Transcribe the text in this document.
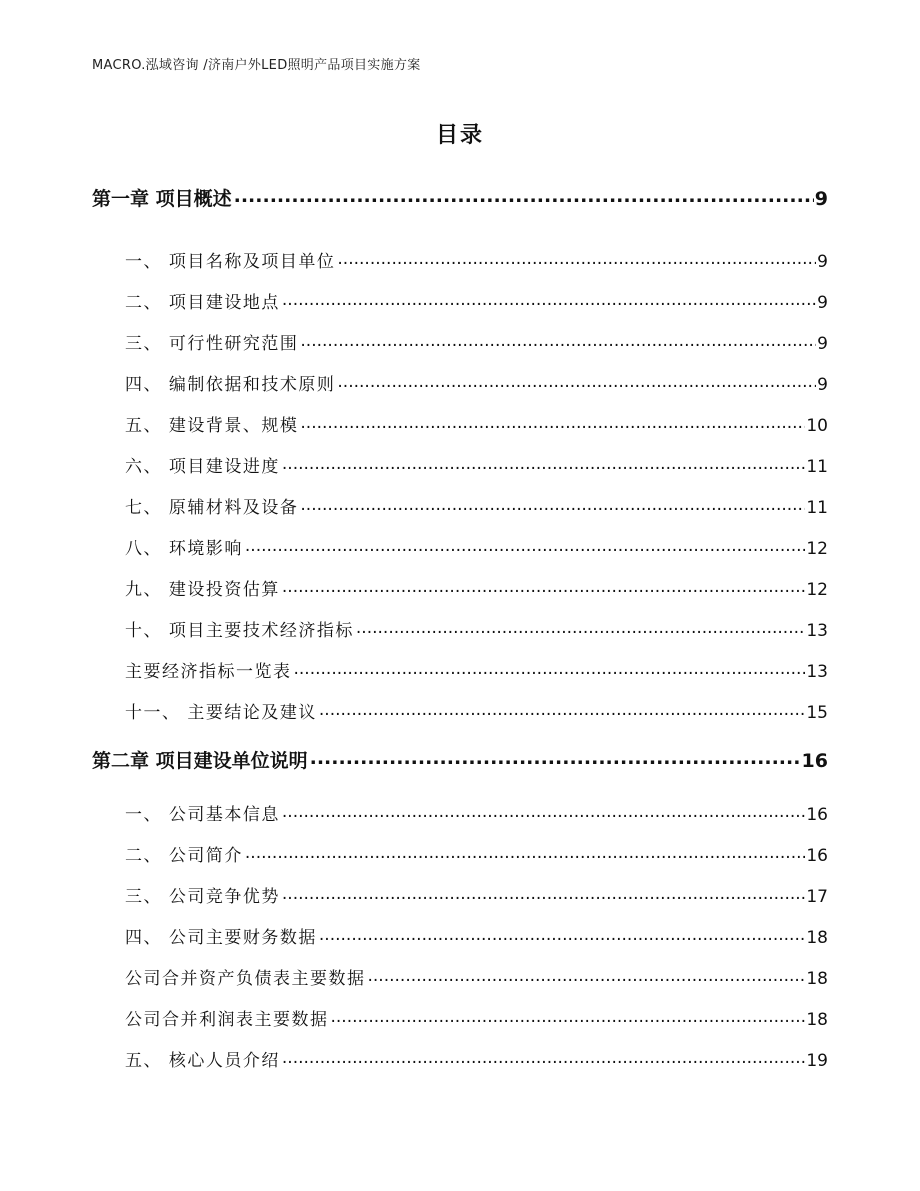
MACRO.泓域咨询 /济南户外LED照明产品项目实施方案
目录
第一章 项目概述 .....	9
一、 项目名称及项目单位 .....	9
二、 项目建设地点 .....	9
三、 可行性研究范围 .....	9
四、 编制依据和技术原则 .....	9
五、 建设背景、规模 .....	10
六、 项目建设进度 .....	11
七、 原辅材料及设备 .....	11
八、 环境影响 .....	12
九、 建设投资估算 .....	12
十、 项目主要技术经济指标 .....	13
主要经济指标一览表 .....	13
十一、 主要结论及建议 .....	15
第二章 项目建设单位说明 .....	16
一、 公司基本信息 .....	16
二、 公司简介 .....	16
三、 公司竞争优势 .....	17
四、 公司主要财务数据 .....	18
公司合并资产负债表主要数据 .....	18
公司合并利润表主要数据 .....	18
五、 核心人员介绍 .....	19
